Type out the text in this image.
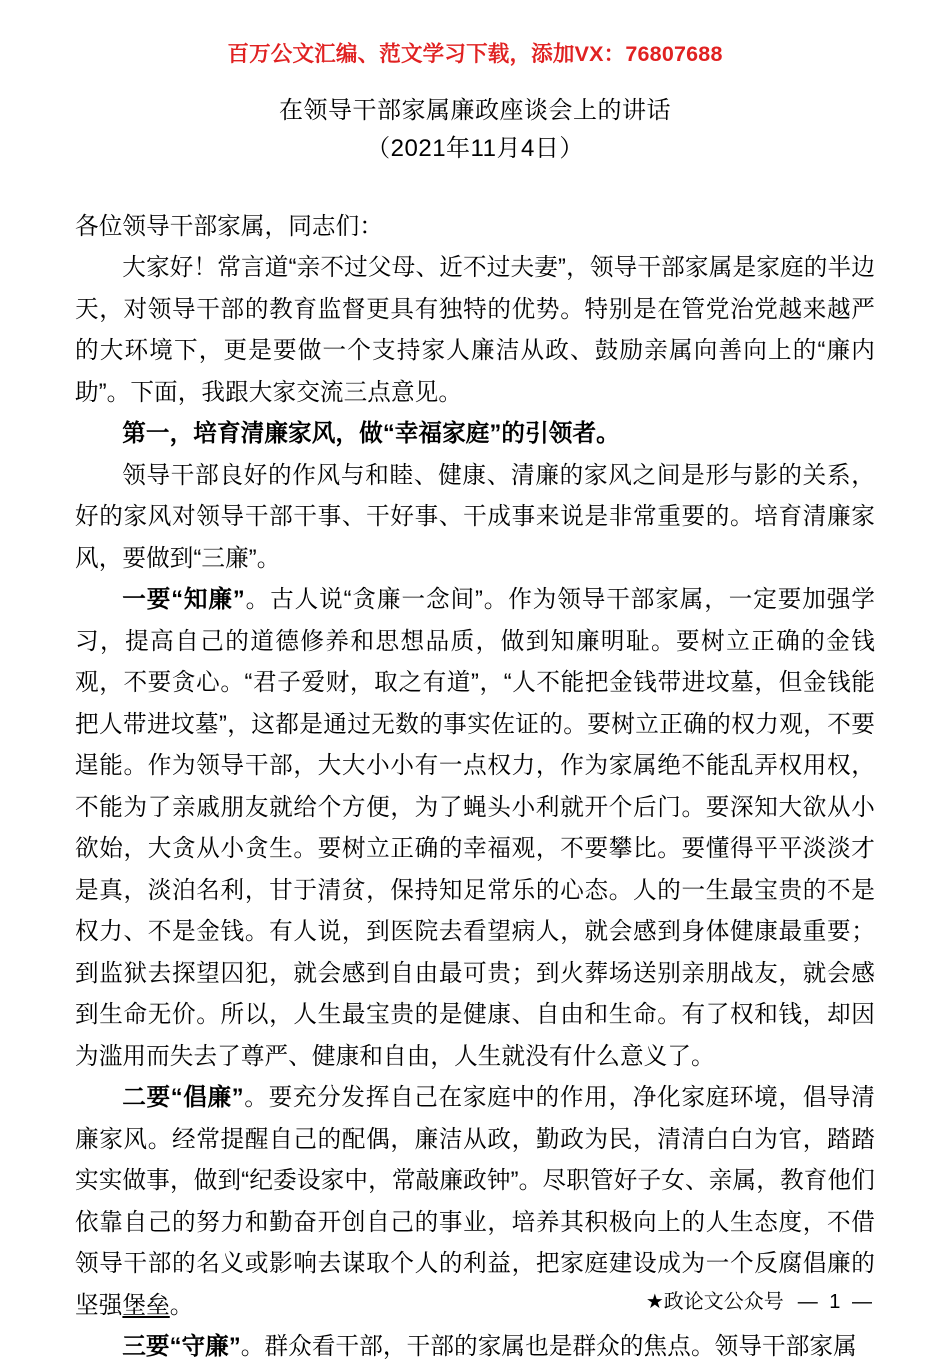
百万公文汇编、范文学习下载，添加VX：76807688
在领导干部家属廉政座谈会上的讲话
（2021年11月4日）

各位领导干部家属，同志们：

大家好！常言道“亲不过父母、近不过夫妻”，领导干部家属是家庭的半边天，对领导干部的教育监督更具有独特的优势。特别是在管党治党越来越严的大环境下，更是要做一个支持家人廉洁从政、鼓励亲属向善向上的“廉内助”。下面，我跟大家交流三点意见。

第一，培育清廉家风，做“幸福家庭”的引领者。

领导干部良好的作风与和睦、健康、清廉的家风之间是形与影的关系，好的家风对领导干部干事、干好事、干成事来说是非常重要的。培育清廉家风，要做到“三廉”。

一要“知廉”。古人说“贪廉一念间”。作为领导干部家属，一定要加强学习，提高自己的道德修养和思想品质，做到知廉明耻。要树立正确的金钱观，不要贪心。“君子爱财，取之有道”，“人不能把金钱带进坟墓，但金钱能把人带进坟墓”，这都是通过无数的事实佐证的。要树立正确的权力观，不要逞能。作为领导干部，大大小小有一点权力，作为家属绝不能乱弄权用权，不能为了亲戚朋友就给个方便，为了蝇头小利就开个后门。要深知大欲从小欲始，大贪从小贪生。要树立正确的幸福观，不要攀比。要懂得平平淡淡才是真，淡泊名利，甘于清贫，保持知足常乐的心态。人的一生最宝贵的不是权力、不是金钱。有人说，到医院去看望病人，就会感到身体健康最重要；到监狱去探望囚犯，就会感到自由最可贵；到火葬场送别亲朋战友，就会感到生命无价。所以，人生最宝贵的是健康、自由和生命。有了权和钱，却因为滥用而失去了尊严、健康和自由，人生就没有什么意义了。

二要“倡廉”。要充分发挥自己在家庭中的作用，净化家庭环境，倡导清廉家风。经常提醒自己的配偶，廉洁从政，勤政为民，清清白白为官，踏踏实实做事，做到“纪委设家中，常敲廉政钟”。尽职管好子女、亲属，教育他们依靠自己的努力和勤奋开创自己的事业，培养其积极向上的人生态度，不借领导干部的名义或影响去谋取个人的利益，把家庭建设成为一个反腐倡廉的坚强堡垒。

三要“守廉”。群众看干部，干部的家属也是群众的焦点。领导干部家属

★政论文公众号 — 1 —
